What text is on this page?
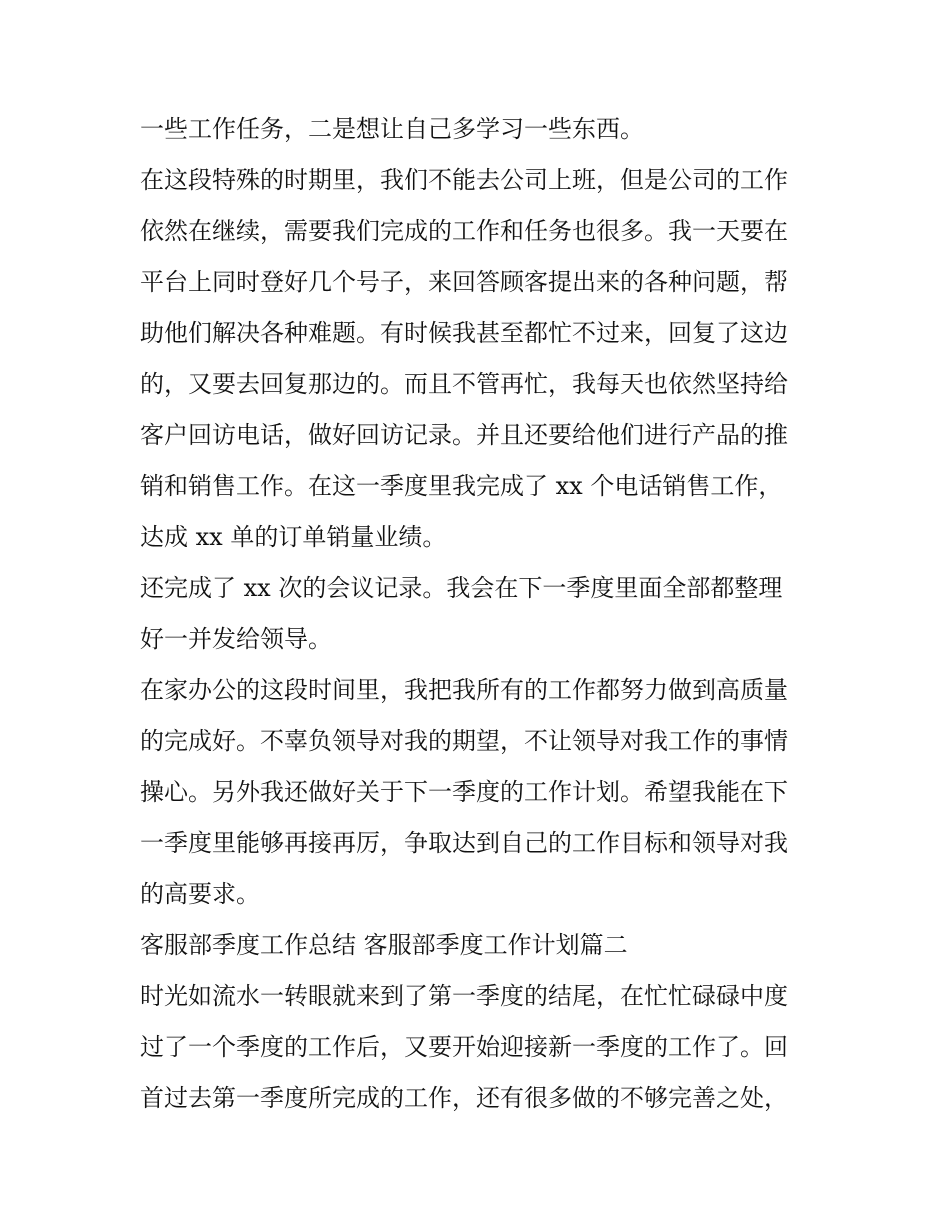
一些工作任务，二是想让自己多学习一些东西。
在这段特殊的时期里，我们不能去公司上班，但是公司的工作
依然在继续，需要我们完成的工作和任务也很多。我一天要在
平台上同时登好几个号子，来回答顾客提出来的各种问题，帮
助他们解决各种难题。有时候我甚至都忙不过来，回复了这边
的，又要去回复那边的。而且不管再忙，我每天也依然坚持给
客户回访电话，做好回访记录。并且还要给他们进行产品的推
销和销售工作。在这一季度里我完成了 xx 个电话销售工作，
达成 xx 单的订单销量业绩。
还完成了 xx 次的会议记录。我会在下一季度里面全部都整理
好一并发给领导。
在家办公的这段时间里，我把我所有的工作都努力做到高质量
的完成好。不辜负领导对我的期望，不让领导对我工作的事情
操心。另外我还做好关于下一季度的工作计划。希望我能在下
一季度里能够再接再厉，争取达到自己的工作目标和领导对我
的高要求。
客服部季度工作总结 客服部季度工作计划篇二
时光如流水一转眼就来到了第一季度的结尾，在忙忙碌碌中度
过了一个季度的工作后，又要开始迎接新一季度的工作了。回
首过去第一季度所完成的工作，还有很多做的不够完善之处，
